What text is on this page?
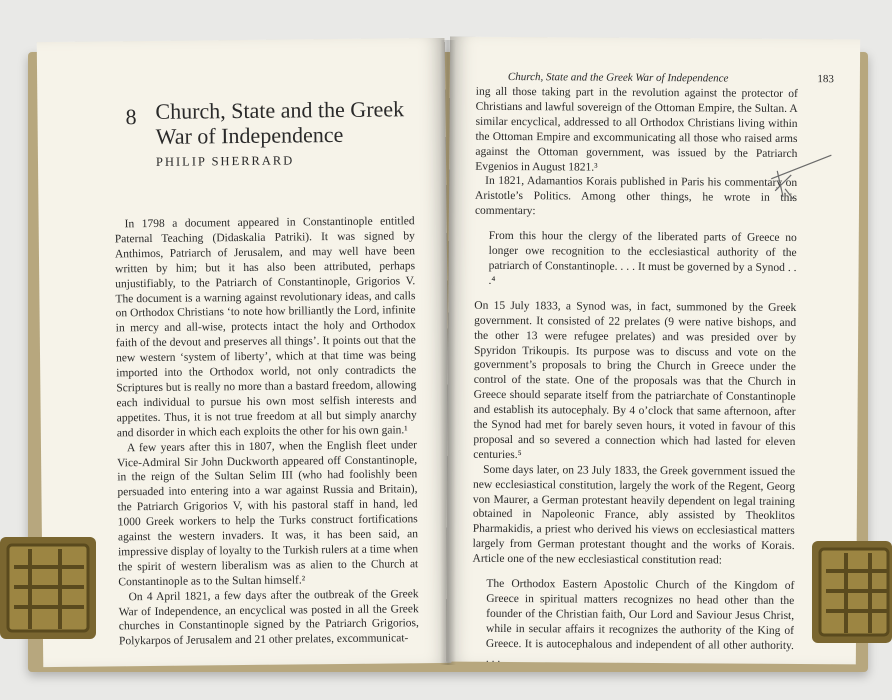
8 Church, State and the Greek War of Independence
PHILIP SHERRARD

In 1798 a document appeared in Constantinople entitled Paternal Teaching (Didaskalia Patriki). It was signed by Anthimos, Patriarch of Jerusalem, and may well have been written by him; but it has also been attributed, perhaps unjustifiably, to the Patriarch of Constantinople, Grigorios V. The document is a warning against revolutionary ideas, and calls on Orthodox Christians ‘to note how brilliantly the Lord, infinite in mercy and all-wise, protects intact the holy and Orthodox faith of the devout and preserves all things’. It points out that the new western ‘system of liberty’, which at that time was being imported into the Orthodox world, not only contradicts the Scriptures but is really no more than a bastard freedom, allowing each individual to pursue his own most selfish interests and appetites. Thus, it is not true freedom at all but simply anarchy and disorder in which each exploits the other for his own gain.¹

A few years after this in 1807, when the English fleet under Vice-Admiral Sir John Duckworth appeared off Constantinople, in the reign of the Sultan Selim III (who had foolishly been persuaded into entering into a war against Russia and Britain), the Patriarch Grigorios V, with his pastoral staff in hand, led 1000 Greek workers to help the Turks construct fortifications against the western invaders. It was, it has been said, an impressive display of loyalty to the Turkish rulers at a time when the spirit of western liberalism was as alien to the Church at Constantinople as to the Sultan himself.²

On 4 April 1821, a few days after the outbreak of the Greek War of Independence, an encyclical was posted in all the Greek churches in Constantinople signed by the Patriarch Grigorios, Polykarpos of Jerusalem and 21 other prelates, excommunicat-

Church, State and the Greek War of Independence	183

ing all those taking part in the revolution against the protector of Christians and lawful sovereign of the Ottoman Empire, the Sultan. A similar encyclical, addressed to all Orthodox Christians living within the Ottoman Empire and excommunicating all those who raised arms against the Ottoman government, was issued by the Patriarch Evgenios in August 1821.³

In 1821, Adamantios Korais published in Paris his commentary on Aristotle’s Politics. Among other things, he wrote in this commentary:

From this hour the clergy of the liberated parts of Greece no longer owe recognition to the ecclesiastical authority of the patriarch of Constantinople. . . . It must be governed by a Synod . . .⁴

On 15 July 1833, a Synod was, in fact, summoned by the Greek government. It consisted of 22 prelates (9 were native bishops, and the other 13 were refugee prelates) and was presided over by Spyridon Trikoupis. Its purpose was to discuss and vote on the government’s proposals to bring the Church in Greece under the control of the state. One of the proposals was that the Church in Greece should separate itself from the patriarchate of Constantinople and establish its autocephaly. By 4 o’clock that same afternoon, after the Synod had met for barely seven hours, it voted in favour of this proposal and so severed a connection which had lasted for eleven centuries.⁵

Some days later, on 23 July 1833, the Greek government issued the new ecclesiastical constitution, largely the work of the Regent, Georg von Maurer, a German protestant heavily dependent on legal training obtained in Napoleonic France, ably assisted by Theoklitos Pharmakidis, a priest who derived his views on ecclesiastical matters largely from German protestant thought and the works of Korais. Article one of the new ecclesiastical constitution read:

The Orthodox Eastern Apostolic Church of the Kingdom of Greece in spiritual matters recognizes no head other than the founder of the Christian faith, Our Lord and Saviour Jesus Christ, while in secular affairs it recognizes the authority of the King of Greece. It is autocephalous and independent of all other authority. . . .
